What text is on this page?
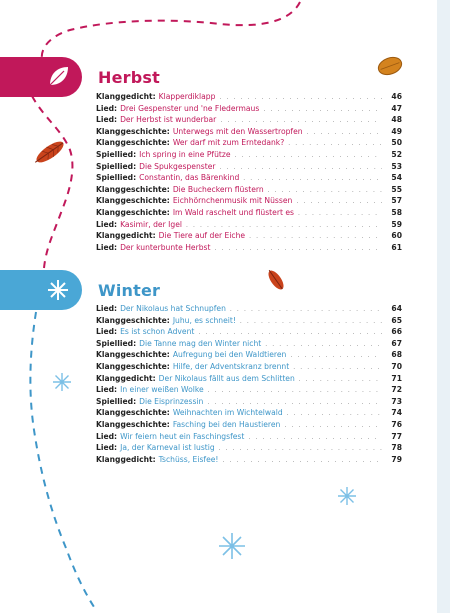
Herbst
Klanggedicht : Klapperdiklapp . . .	46
Lied : Drei Gespenster und 'ne Fledermaus . . .	47
Lied : Der Herbst ist wunderbar . . .	48
Klanggeschichte : Unterwegs mit den Wassertropfen . . .	49
Klanggeschichte : Wer darf mit zum Erntedank? . . .	50
Spiellied : Ich spring in eine Pfütze . . .	52
Spiellied : Die Spukgespenster . . .	53
Spiellied : Constantin, das Bärenkind . . .	54
Klanggeschichte : Die Bucheckern flüstern . . .	55
Klanggeschichte : Eichhörnchenmusik mit Nüssen . . .	57
Klanggeschichte : Im Wald raschelt und flüstert es . . .	58
Lied : Kasimir, der Igel . . .	59
Klanggedicht : Die Tiere auf der Eiche . . .	60
Lied : Der kunterbunte Herbst . . .	61
Winter
Lied : Der Nikolaus hat Schnupfen . . .	64
Klanggeschichte : Juhu, es schneit! . . .	65
Lied : Es ist schon Advent . . .	66
Spiellied : Die Tanne mag den Winter nicht . . .	67
Klanggeschichte : Aufregung bei den Waldtieren . . .	68
Klanggeschichte : Hilfe, der Adventskranz brennt . . .	70
Klanggedicht : Der Nikolaus fällt aus dem Schlitten . . .	71
Lied : In einer weißen Wolke . . .	72
Spiellied : Die Eisprinzessin . . .	73
Klanggeschichte : Weihnachten im Wichtelwald . . .	74
Klanggeschichte : Fasching bei den Haustieren . . .	76
Lied : Wir feiern heut ein Faschingsfest . . .	77
Lied : Ja, der Karneval ist lustig . . .	78
Klanggedicht : Tschüss, Eisfee! . . .	79
